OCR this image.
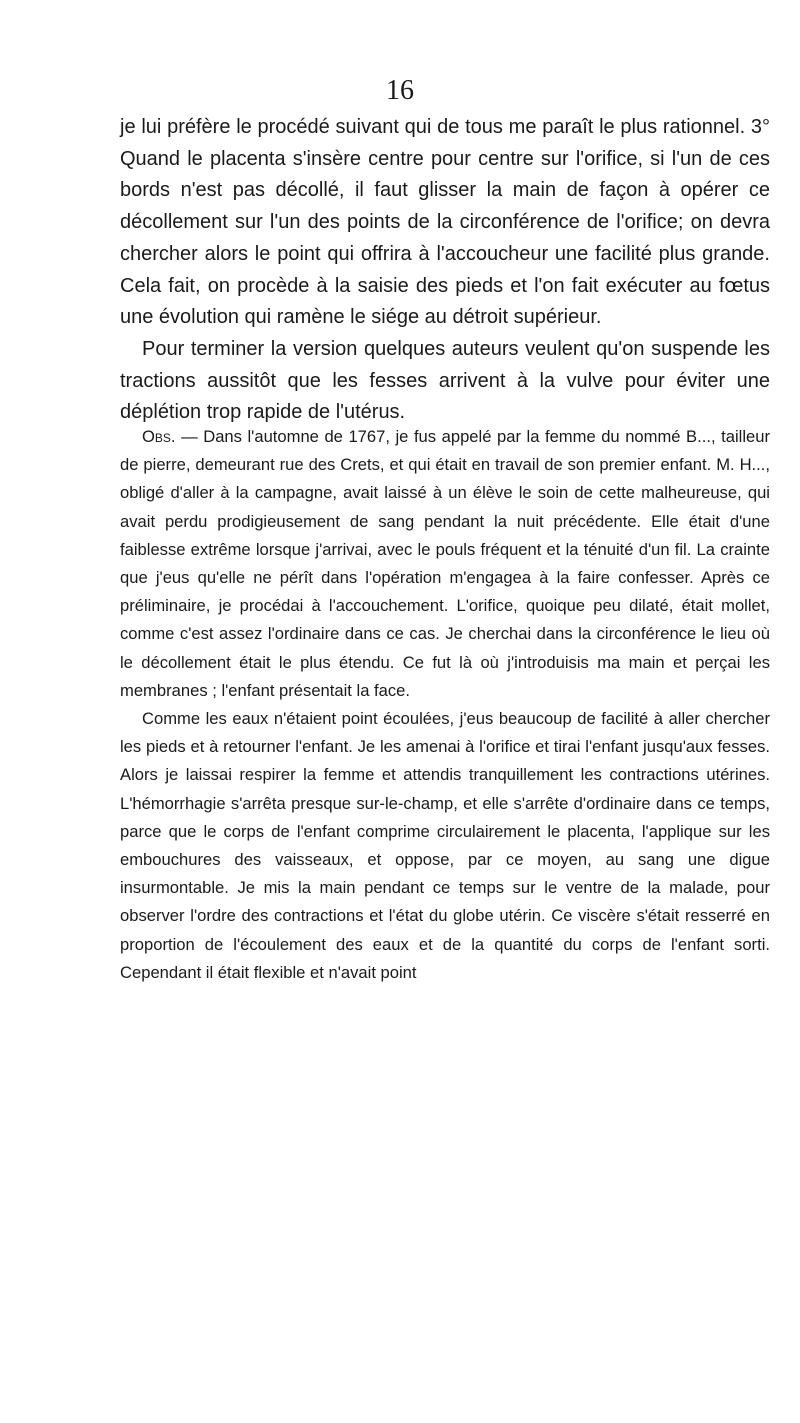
16

je lui préfère le procédé suivant qui de tous me paraît le plus rationnel. 3° Quand le placenta s'insère centre pour centre sur l'orifice, si l'un de ces bords n'est pas décollé, il faut glisser la main de façon à opérer ce décollement sur l'un des points de la circonférence de l'orifice; on devra chercher alors le point qui offrira à l'accoucheur une facilité plus grande. Cela fait, on procède à la saisie des pieds et l'on fait exécuter au fœtus une évolution qui ramène le siége au détroit supérieur.

Pour terminer la version quelques auteurs veulent qu'on suspende les tractions aussitôt que les fesses arrivent à la vulve pour éviter une déplétion trop rapide de l'utérus.

Obs. — Dans l'automne de 1767, je fus appelé par la femme du nommé B..., tailleur de pierre, demeurant rue des Crets, et qui était en travail de son premier enfant. M. H..., obligé d'aller à la campagne, avait laissé à un élève le soin de cette malheureuse, qui avait perdu prodigieusement de sang pendant la nuit précédente. Elle était d'une faiblesse extrême lorsque j'arrivai, avec le pouls fréquent et la ténuité d'un fil. La crainte que j'eus qu'elle ne pérît dans l'opération m'engagea à la faire confesser. Après ce préliminaire, je procédai à l'accouchement. L'orifice, quoique peu dilaté, était mollet, comme c'est assez l'ordinaire dans ce cas. Je cherchai dans la circonférence le lieu où le décollement était le plus étendu. Ce fut là où j'introduisis ma main et perçai les membranes ; l'enfant présentait la face.

Comme les eaux n'étaient point écoulées, j'eus beaucoup de facilité à aller chercher les pieds et à retourner l'enfant. Je les amenai à l'orifice et tirai l'enfant jusqu'aux fesses. Alors je laissai respirer la femme et attendis tranquillement les contractions utérines. L'hémorrhagie s'arrêta presque sur-le-champ, et elle s'arrête d'ordinaire dans ce temps, parce que le corps de l'enfant comprime circulairement le placenta, l'applique sur les embouchures des vaisseaux, et oppose, par ce moyen, au sang une digue insurmontable. Je mis la main pendant ce temps sur le ventre de la malade, pour observer l'ordre des contractions et l'état du globe utérin. Ce viscère s'était resserré en proportion de l'écoulement des eaux et de la quantité du corps de l'enfant sorti. Cependant il était flexible et n'avait point
